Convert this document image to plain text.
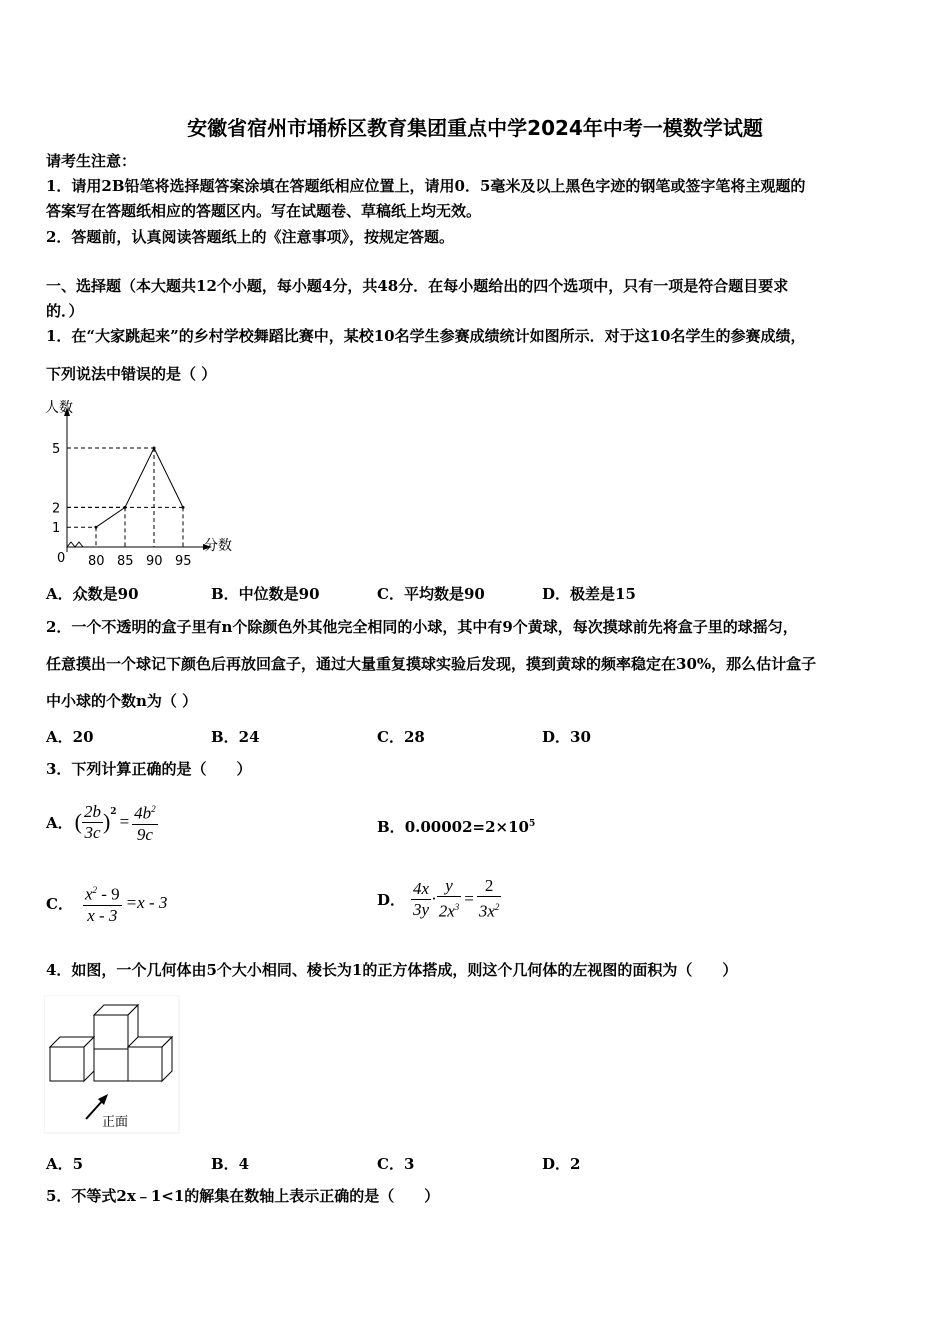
安徽省宿州市埇桥区教育集团重点中学2024年中考一模数学试题
请考生注意：
1．请用2B铅笔将选择题答案涂填在答题纸相应位置上，请用0．5毫米及以上黑色字迹的钢笔或签字笔将主观题的
答案写在答题纸相应的答题区内。写在试题卷、草稿纸上均无效。
2．答题前，认真阅读答题纸上的《注意事项》，按规定答题。
一、选择题（本大题共12个小题，每小题4分，共48分．在每小题给出的四个选项中，只有一项是符合题目要求
的．）
1．在“大家跳起来”的乡村学校舞蹈比赛中，某校10名学生参赛成绩统计如图所示．对于这10名学生的参赛成绩，
下列说法中错误的是（ ）
人数
分数
0 80 85 90 95
1
2
5
A．众数是90	B．中位数是90	C．平均数是90	D．极差是15
2．一个不透明的盒子里有n个除颜色外其他完全相同的小球，其中有9个黄球，每次摸球前先将盒子里的球摇匀，
任意摸出一个球记下颜色后再放回盒子，通过大量重复摸球实验后发现，摸到黄球的频率稳定在30%，那么估计盒子
中小球的个数n为（ ）
A．20	B．24	C．28	D．30
3．下列计算正确的是（　　）
A． ( $\frac{2b}{3c} )^2 = \frac{4b^2}{9c}$	B．$0.00002=2\times 10^5$
C． $\frac{x^2 - 9}{x - 3} =x - 3$	D． $\frac{4x}{3y} \cdot \frac{y}{2x^3} = \frac{2}{3x^2}$
4．如图，一个几何体由5个大小相同、棱长为1的正方体搭成，则这个几何体的左视图的面积为（　　）
正面
A．5	B．4	C．3	D．2
5．不等式2x﹣1<1的解集在数轴上表示正确的是（　　）
